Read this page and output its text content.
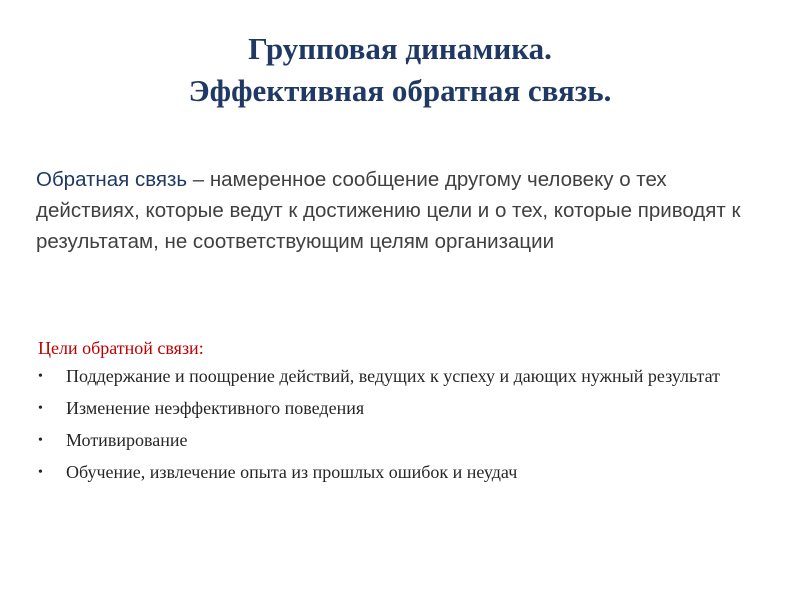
Групповая динамика.
Эффективная обратная связь.

Обратная связь – намеренное сообщение другому человеку о тех действиях, которые ведут к достижению цели и о тех, которые приводят к результатам, не соответствующим целям организации

Цели обратной связи:
•	Поддержание и поощрение действий, ведущих к успеху и дающих нужный результат
•	Изменение неэффективного поведения
•	Мотивирование
•	Обучение, извлечение опыта из прошлых ошибок и неудач
